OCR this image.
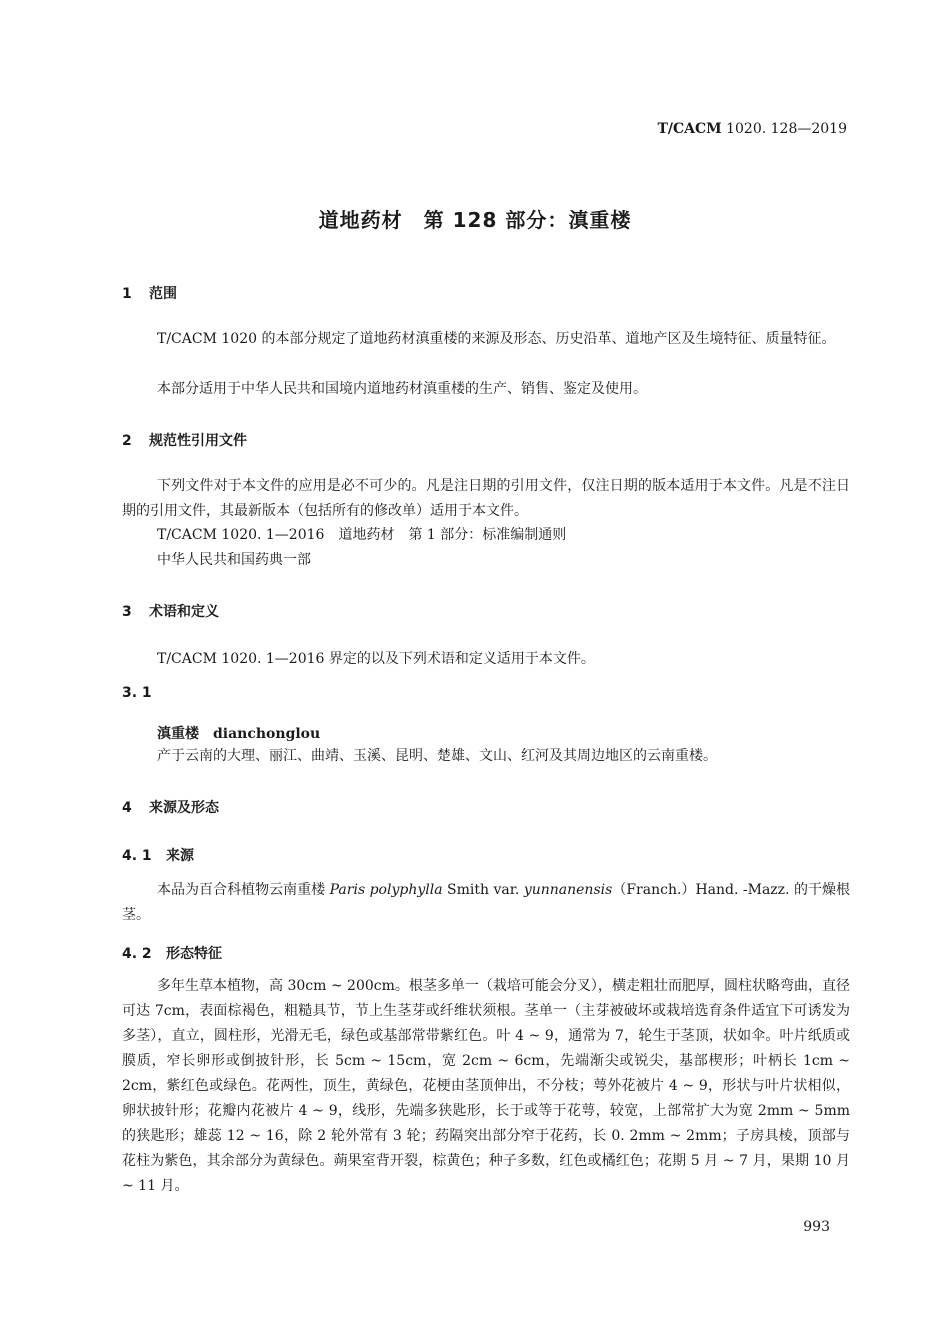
T/CACM 1020. 128—2019
道地药材　第 128 部分：滇重楼
1 范围
T/CACM 1020 的本部分规定了道地药材滇重楼的来源及形态、历史沿革、道地产区及生境特征、质量特征。
本部分适用于中华人民共和国境内道地药材滇重楼的生产、销售、鉴定及使用。
2 规范性引用文件
下列文件对于本文件的应用是必不可少的。凡是注日期的引用文件，仅注日期的版本适用于本文件。凡是不注日期的引用文件，其最新版本（包括所有的修改单）适用于本文件。
T/CACM 1020. 1—2016　道地药材　第 1 部分：标准编制通则
中华人民共和国药典一部
3 术语和定义
T/CACM 1020. 1—2016 界定的以及下列术语和定义适用于本文件。
3. 1
滇重楼 dianchonglou
产于云南的大理、丽江、曲靖、玉溪、昆明、楚雄、文山、红河及其周边地区的云南重楼。
4 来源及形态
4. 1 来源
本品为百合科植物云南重楼 Paris polyphylla Smith var. yunnanensis（Franch.）Hand. -Mazz. 的干燥根茎。
4. 2 形态特征
多年生草本植物，高 30cm ~ 200cm。根茎多单一（栽培可能会分叉），横走粗壮而肥厚，圆柱状略弯曲，直径可达 7cm，表面棕褐色，粗糙具节，节上生茎芽或纤维状须根。茎单一（主芽被破坏或栽培选育条件适宜下可诱发为多茎），直立，圆柱形，光滑无毛，绿色或基部常带紫红色。叶 4 ~ 9，通常为 7，轮生于茎顶，状如伞。叶片纸质或膜质，窄长卵形或倒披针形，长 5cm ~ 15cm，宽 2cm ~ 6cm，先端渐尖或锐尖，基部楔形；叶柄长 1cm ~ 2cm，紫红色或绿色。花两性，顶生，黄绿色，花梗由茎顶伸出，不分枝；萼外花被片 4 ~ 9，形状与叶片状相似，卵状披针形；花瓣内花被片 4 ~ 9，线形，先端多狭匙形，长于或等于花萼，较宽，上部常扩大为宽 2mm ~ 5mm 的狭匙形；雄蕊 12 ~ 16，除 2 轮外常有 3 轮；药隔突出部分窄于花药，长 0. 2mm ~ 2mm；子房具棱，顶部与花柱为紫色，其余部分为黄绿色。蒴果室背开裂，棕黄色；种子多数，红色或橘红色；花期 5 月 ~ 7 月，果期 10 月 ~ 11 月。
993
